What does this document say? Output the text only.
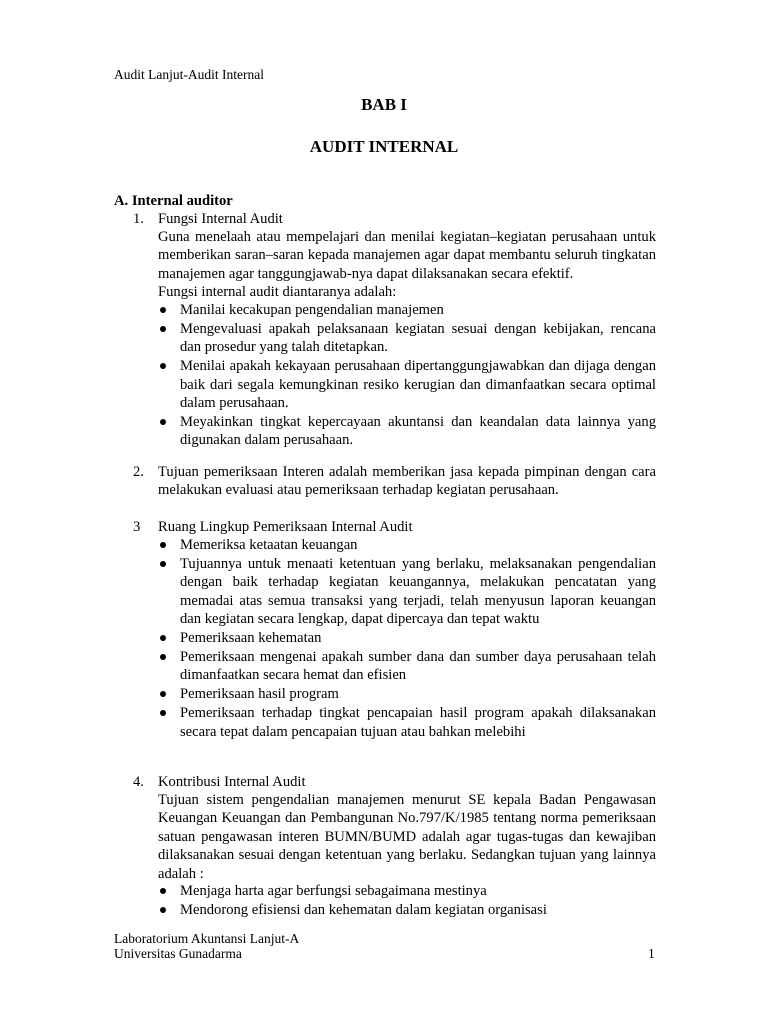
Audit Lanjut-Audit Internal
BAB I
AUDIT INTERNAL
A. Internal auditor
1. Fungsi Internal Audit
Guna menelaah atau mempelajari dan menilai kegiatan–kegiatan perusahaan untuk memberikan saran–saran kepada manajemen agar dapat membantu seluruh tingkatan manajemen agar tanggungjawab-nya dapat dilaksanakan secara efektif.
Fungsi internal audit diantaranya adalah:
Manilai kecakupan pengendalian manajemen
Mengevaluasi apakah pelaksanaan kegiatan sesuai dengan kebijakan, rencana dan prosedur yang talah ditetapkan.
Menilai apakah kekayaan perusahaan dipertanggungjawabkan dan dijaga dengan baik dari segala kemungkinan resiko kerugian dan dimanfaatkan secara optimal dalam perusahaan.
Meyakinkan tingkat kepercayaan akuntansi dan keandalan data lainnya yang digunakan dalam perusahaan.
2. Tujuan pemeriksaan Interen adalah memberikan jasa kepada pimpinan dengan cara melakukan evaluasi atau pemeriksaan terhadap kegiatan perusahaan.
3 Ruang Lingkup Pemeriksaan Internal Audit
Memeriksa ketaatan keuangan
Tujuannya untuk menaati ketentuan yang berlaku, melaksanakan pengendalian dengan baik terhadap kegiatan keuangannya, melakukan pencatatan yang memadai atas semua transaksi yang terjadi, telah menyusun laporan keuangan dan kegiatan secara lengkap, dapat dipercaya dan tepat waktu
Pemeriksaan kehematan
Pemeriksaan mengenai apakah sumber dana dan sumber daya perusahaan telah dimanfaatkan secara hemat dan efisien
Pemeriksaan hasil program
Pemeriksaan terhadap tingkat pencapaian hasil program apakah dilaksanakan secara tepat dalam pencapaian tujuan atau bahkan melebihi
4. Kontribusi Internal Audit
Tujuan sistem pengendalian manajemen menurut SE kepala Badan Pengawasan Keuangan Keuangan dan Pembangunan No.797/K/1985 tentang norma pemeriksaan satuan pengawasan interen BUMN/BUMD adalah agar tugas-tugas dan kewajiban dilaksanakan sesuai dengan ketentuan yang berlaku. Sedangkan tujuan yang lainnya adalah :
Menjaga harta agar berfungsi sebagaimana mestinya
Mendorong efisiensi dan kehematan dalam kegiatan organisasi
Laboratorium Akuntansi Lanjut-A
Universitas Gunadarma	1
